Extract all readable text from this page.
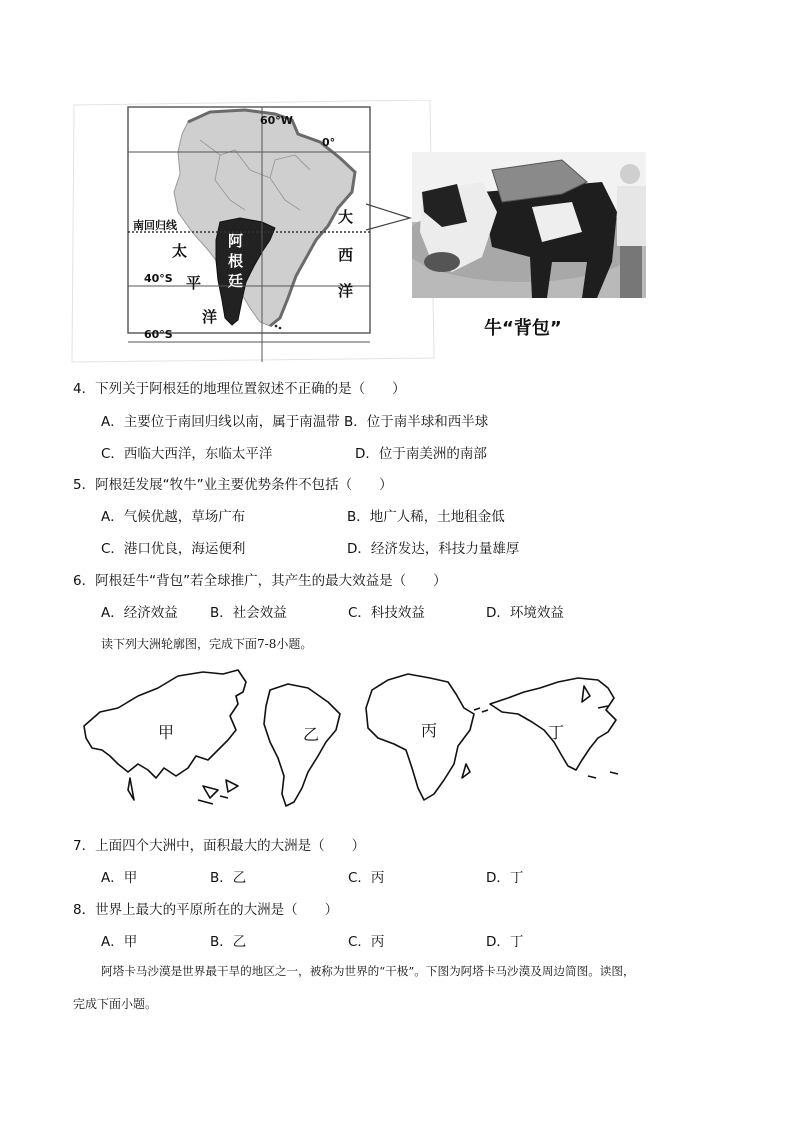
60°W
0°
南回归线
40°S
60°S
阿
根
廷
太
平
洋
大
西
洋
牛“背包”
4．下列关于阿根廷的地理位置叙述不正确的是（　　）
A．主要位于南回归线以南，属于南温带 B．位于南半球和西半球
C．西临大西洋，东临太平洋	D．位于南美洲的南部
5．阿根廷发展“牧牛”业主要优势条件不包括（　　）
A．气候优越，草场广布	B．地广人稀，土地租金低
C．港口优良，海运便利	D．经济发达，科技力量雄厚
6．阿根廷牛“背包”若全球推广，其产生的最大效益是（　　）
A．经济效益 B．社会效益	C．科技效益	D．环境效益
读下列大洲轮廓图，完成下面7-8小题。
甲	乙	丙	丁
7．上面四个大洲中，面积最大的大洲是（　　）
A．甲	B．乙	C．丙	D．丁
8．世界上最大的平原所在的大洲是（　　）
A．甲	B．乙	C．丙	D．丁
阿塔卡马沙漠是世界最干旱的地区之一，被称为世界的“干极”。下图为阿塔卡马沙漠及周边简图。读图，
完成下面小题。
